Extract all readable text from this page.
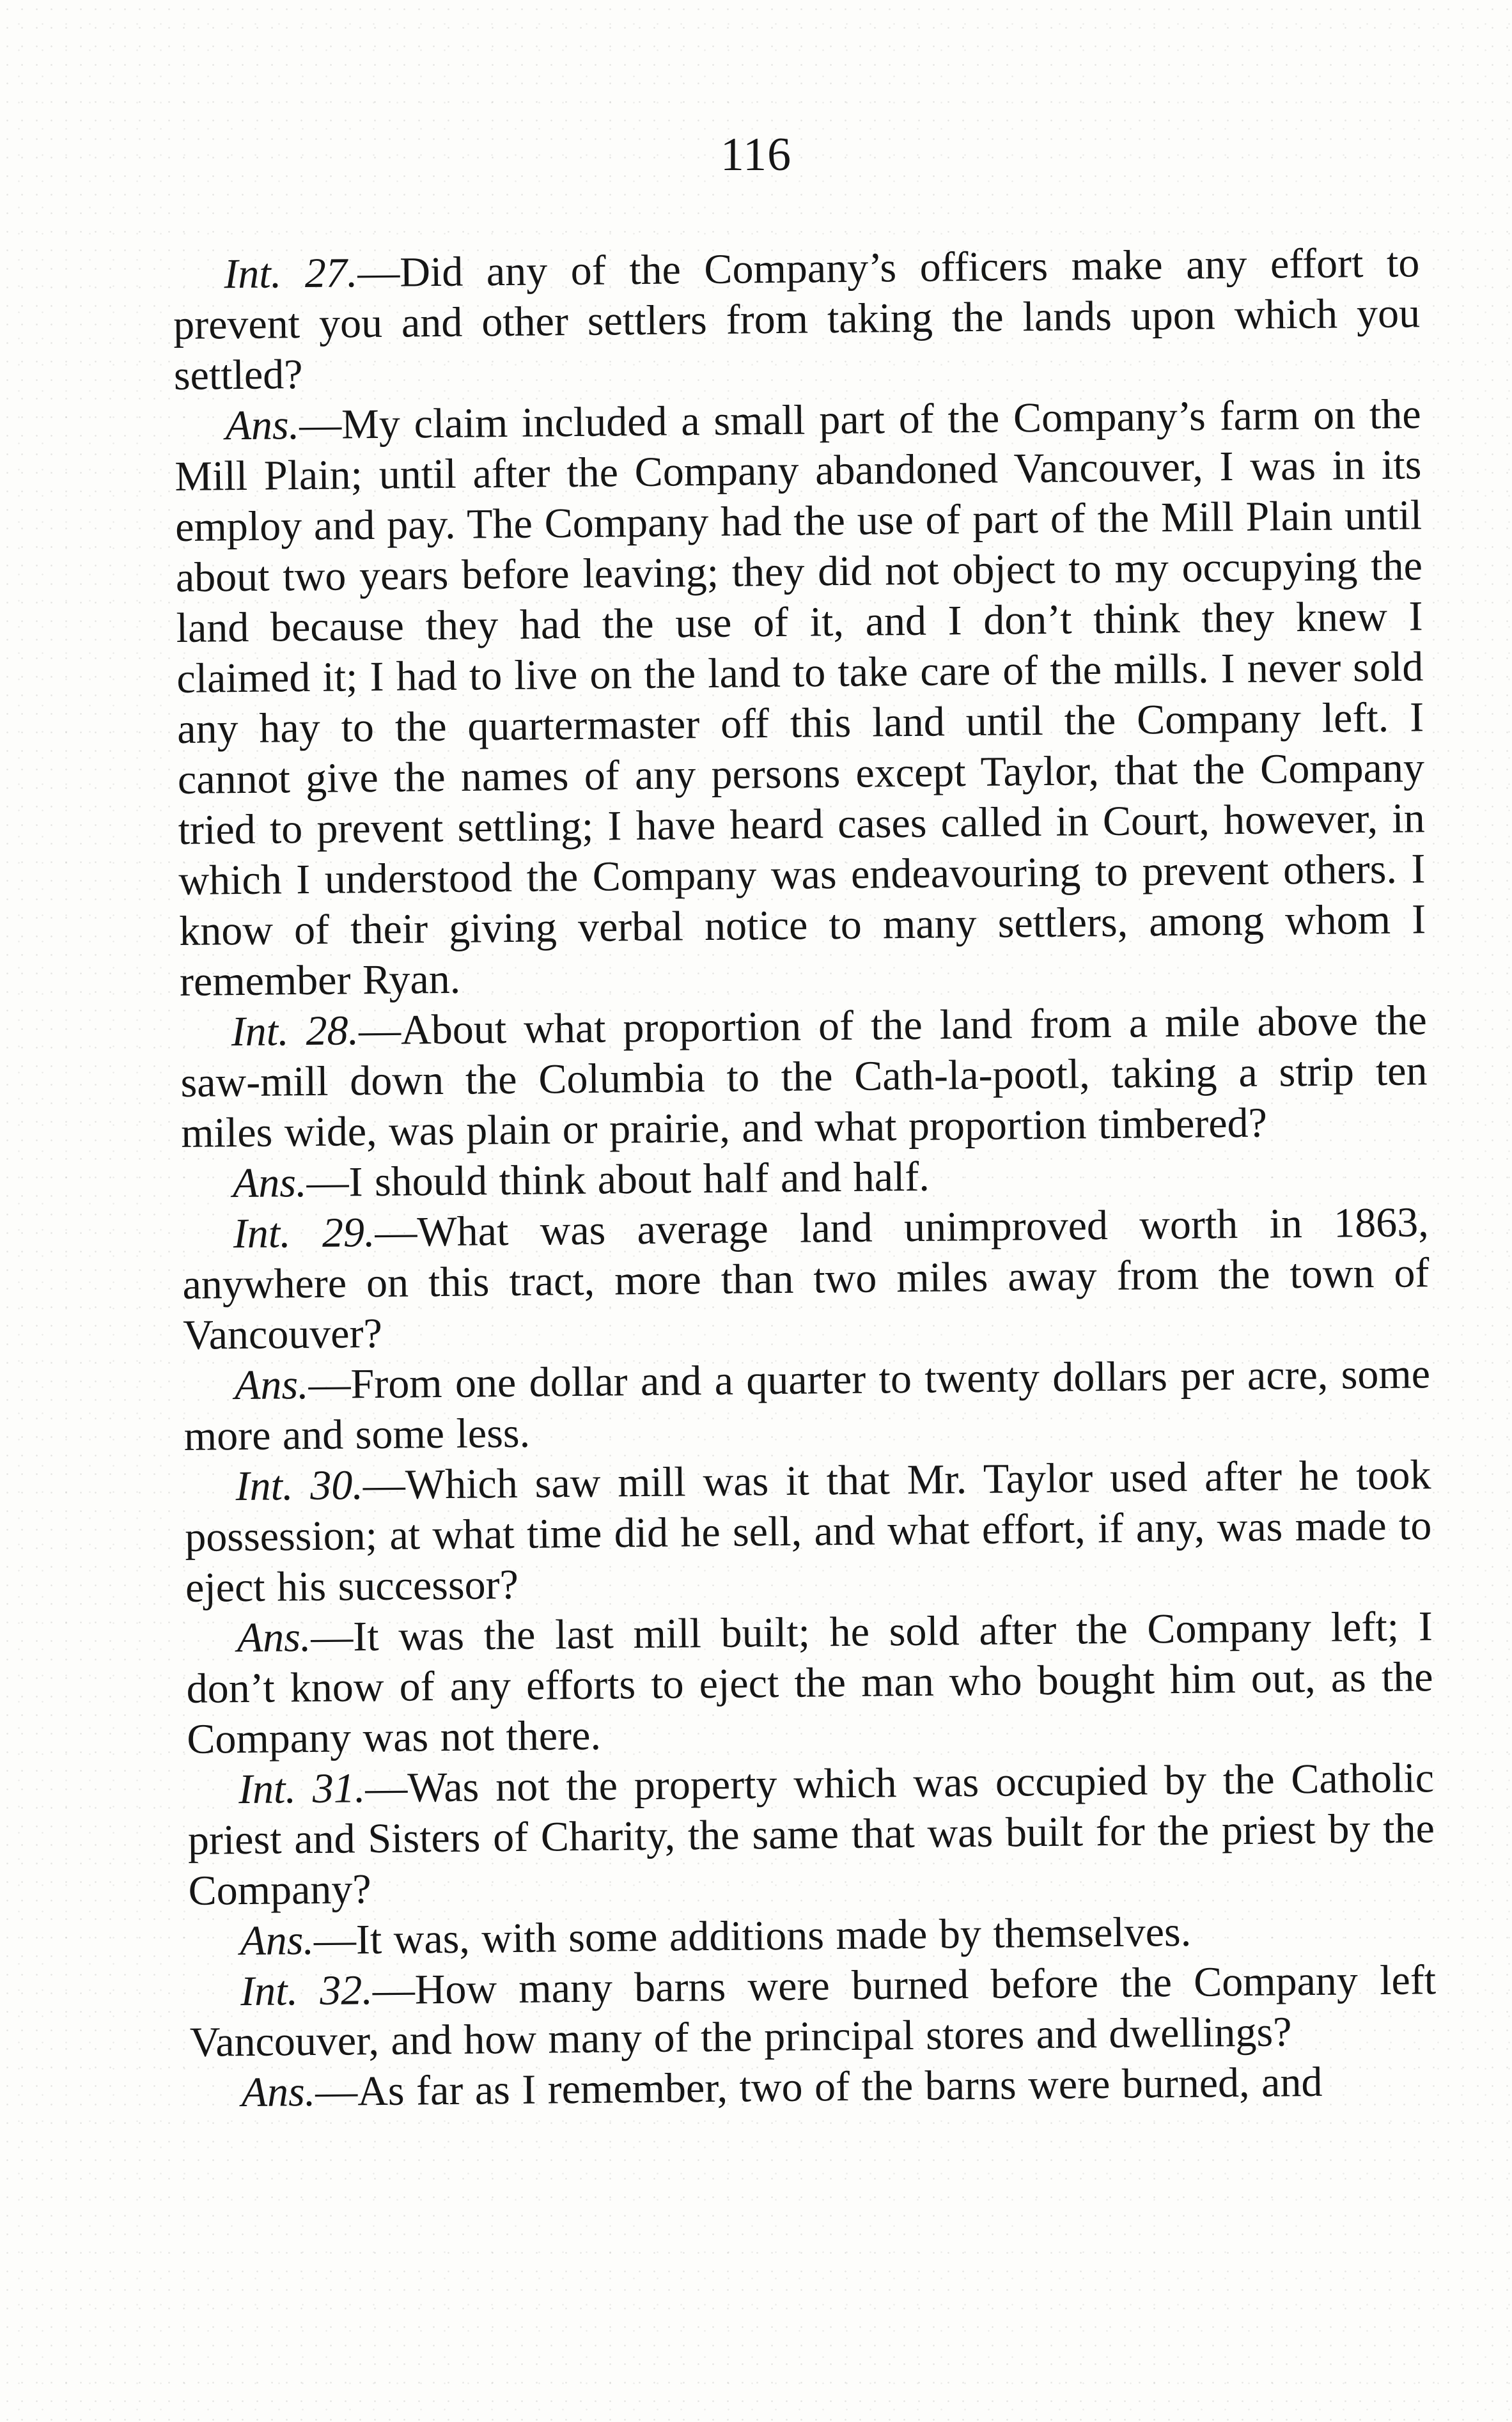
116

Int. 27.—Did any of the Company’s officers make any effort to prevent you and other settlers from taking the lands upon which you settled?

Ans.—My claim included a small part of the Company’s farm on the Mill Plain; until after the Company abandoned Vancouver, I was in its employ and pay. The Company had the use of part of the Mill Plain until about two years before leaving; they did not object to my occupying the land because they had the use of it, and I don’t think they knew I claimed it; I had to live on the land to take care of the mills. I never sold any hay to the quartermaster off this land until the Company left. I cannot give the names of any persons except Taylor, that the Company tried to prevent settling; I have heard cases called in Court, however, in which I understood the Company was endeavouring to prevent others. I know of their giving verbal notice to many settlers, among whom I remember Ryan.

Int. 28.—About what proportion of the land from a mile above the saw-mill down the Columbia to the Cath-la-pootl, taking a strip ten miles wide, was plain or prairie, and what proportion timbered?

Ans.—I should think about half and half.

Int. 29.—What was average land unimproved worth in 1863, anywhere on this tract, more than two miles away from the town of Vancouver?

Ans.—From one dollar and a quarter to twenty dollars per acre, some more and some less.

Int. 30.—Which saw mill was it that Mr. Taylor used after he took possession; at what time did he sell, and what effort, if any, was made to eject his successor?

Ans.—It was the last mill built; he sold after the Company left; I don’t know of any efforts to eject the man who bought him out, as the Company was not there.

Int. 31.—Was not the property which was occupied by the Catholic priest and Sisters of Charity, the same that was built for the priest by the Company?

Ans.—It was, with some additions made by themselves.

Int. 32.—How many barns were burned before the Company left Vancouver, and how many of the principal stores and dwellings?

Ans.—As far as I remember, two of the barns were burned, and
